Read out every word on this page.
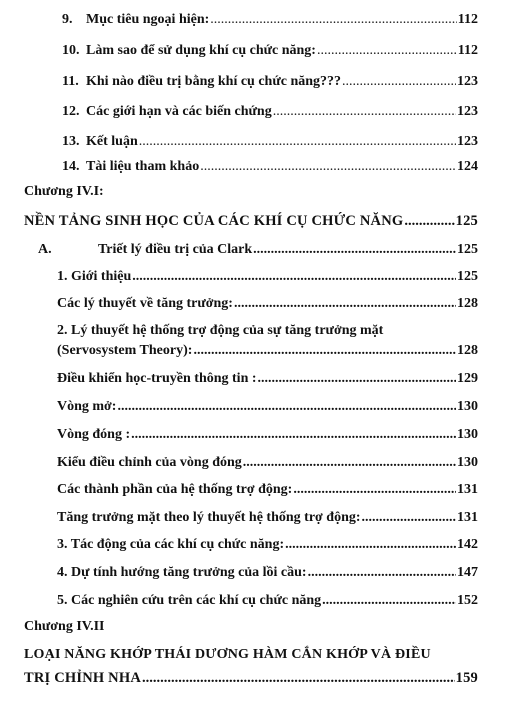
9. Mục tiêu ngoại hiện: .....	112
10. Làm sao để sử dụng khí cụ chức năng: .....	112
11. Khi nào điều trị bằng khí cụ chức năng??? .....	123
12. Các giới hạn và các biến chứng .....	123
13. Kết luận .....	123
14. Tài liệu tham khảo .....	124
Chương IV.I:
NỀN TẢNG SINH HỌC CỦA CÁC KHÍ CỤ CHỨC NĂNG .....	125
A.	Triết lý điều trị của Clark .....	125
1. Giới thiệu .....	125
Các lý thuyết về tăng trưởng: .....	128
2. Lý thuyết hệ thống trợ động của sự tăng trưởng mặt
(Servosystem Theory): .....	128
Điều khiển học-truyền thông tin : .....	129
Vòng mở: .....	130
Vòng đóng : .....	130
Kiểu điều chỉnh của vòng đóng .....	130
Các thành phần của hệ thống trợ động: .....	131
Tăng trưởng mặt theo lý thuyết hệ thống trợ động: .....	131
3. Tác động của các khí cụ chức năng: .....	142
4. Dự tính hướng tăng trưởng của lồi cầu: .....	147
5. Các nghiên cứu trên các khí cụ chức năng .....	152
Chương IV.II
LOẠI NĂNG KHỚP THÁI DƯƠNG HÀM CẮN KHỚP VÀ ĐIỀU
TRỊ CHỈNH NHA .....	159
